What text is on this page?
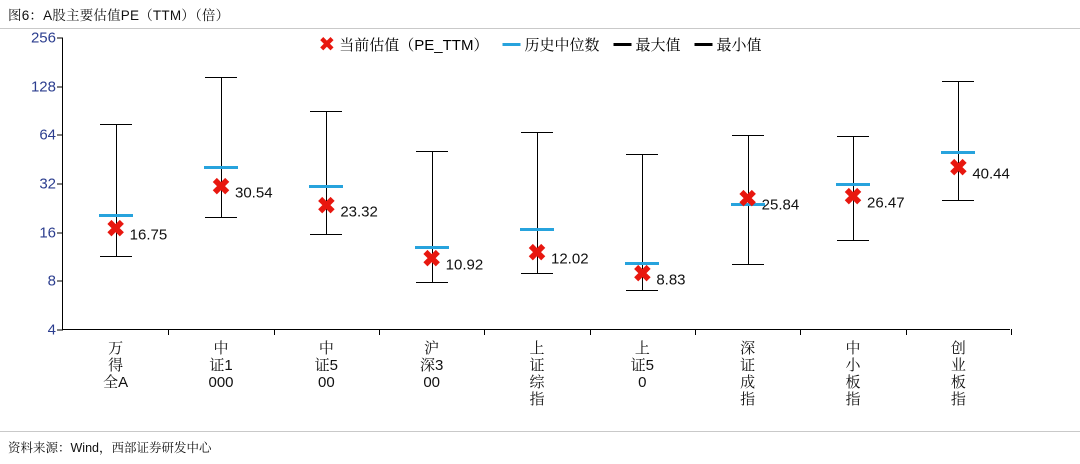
图6：A股主要估值PE（TTM）（倍）
✖ 当前估值（PE_TTM） 历史中位数 最大值 最小值
4
8
16
32
64
128
256
✖ 16.75
万得全A
✖ 30.54
中证1000
✖ 23.32
中证500
✖ 10.92
沪深300
✖ 12.02
上证综指
✖ 8.83
上证50
✖ 25.84
深证成指
✖ 26.47
中小板指
✖ 40.44
创业板指
资料来源：Wind，西部证券研发中心
